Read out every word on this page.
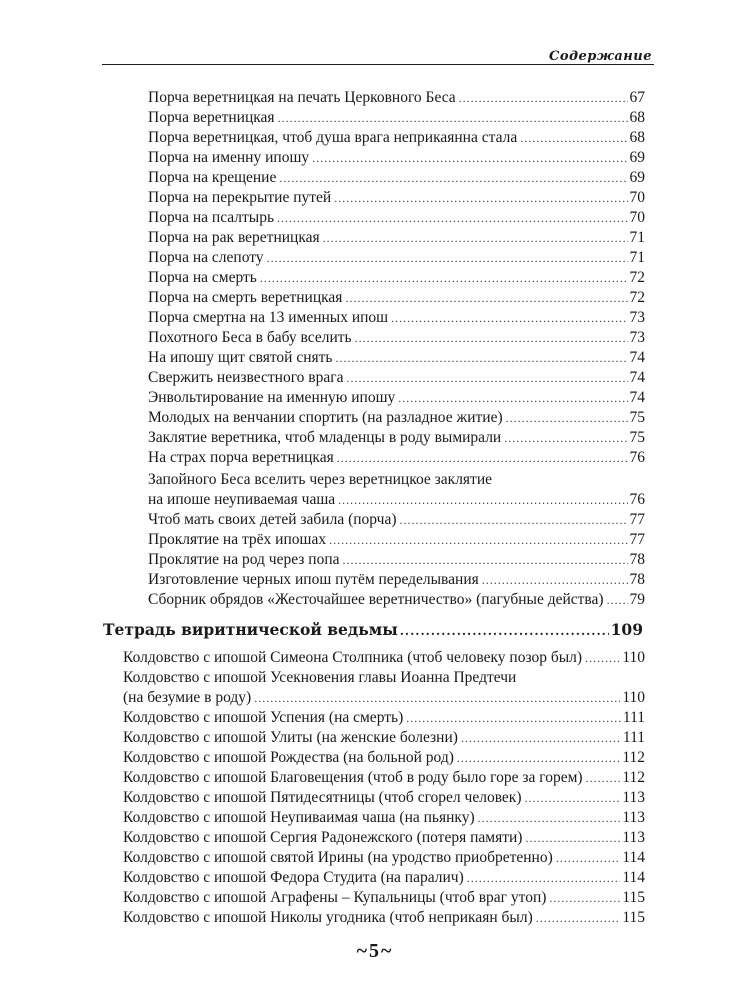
Содержание
Порча веретницкая на печать Церковного Беса .....	67
Порча веретницкая .....	68
Порча веретницкая, чтоб душа врага неприкаянна стала .....	68
Порча на именну ипошу .....	69
Порча на крещение .....	69
Порча на перекрытие путей .....	70
Порча на псалтырь .....	70
Порча на рак веретницкая .....	71
Порча на слепоту .....	71
Порча на смерть .....	72
Порча на смерть веретницкая .....	72
Порча смертна на 13 именных ипош .....	73
Похотного Беса в бабу вселить .....	73
На ипошу щит святой снять .....	74
Свержить неизвестного врага .....	74
Энвольтирование на именную ипошу .....	74
Молодых на венчании спортить (на разладное житие) .....	75
Заклятие веретника, чтоб младенцы в роду вымирали .....	75
На страх порча веретницкая .....	76
Запойного Беса вселить через веретницкое заклятие
на ипоше неупиваемая чаша .....	76
Чтоб мать своих детей забила (порча) .....	77
Проклятие на трёх ипошах .....	77
Проклятие на род через попа .....	78
Изготовление черных ипош путём переделывания .....	78
Сборник обрядов «Жесточайшее веретничество» (пагубные действа) ..... 79
Тетрадь виритнической ведьмы .....	109
Колдовство с ипошой Симеона Столпника (чтоб человеку позор был) .....	110
Колдовство с ипошой Усекновения главы Иоанна Предтечи
(на безумие в роду) .....	110
Колдовство с ипошой Успения (на смерть) .....	111
Колдовство с ипошой Улиты (на женские болезни) .....	111
Колдовство с ипошой Рождества (на больной род) .....	112
Колдовство с ипошой Благовещения (чтоб в роду было горе за горем) .....	112
Колдовство с ипошой Пятидесятницы (чтоб сгорел человек) .....	113
Колдовство с ипошой Неупиваимая чаша (на пьянку) .....	113
Колдовство с ипошой Сергия Радонежского (потеря памяти) .....	113
Колдовство с ипошой святой Ирины (на уродство приобретенно) .....	114
Колдовство с ипошой Федора Студита (на паралич) .....	114
Колдовство с ипошой Аграфены – Купальницы (чтоб враг утоп) .....	115
Колдовство с ипошой Николы угодника (чтоб неприкаян был) .....	115
~5~
